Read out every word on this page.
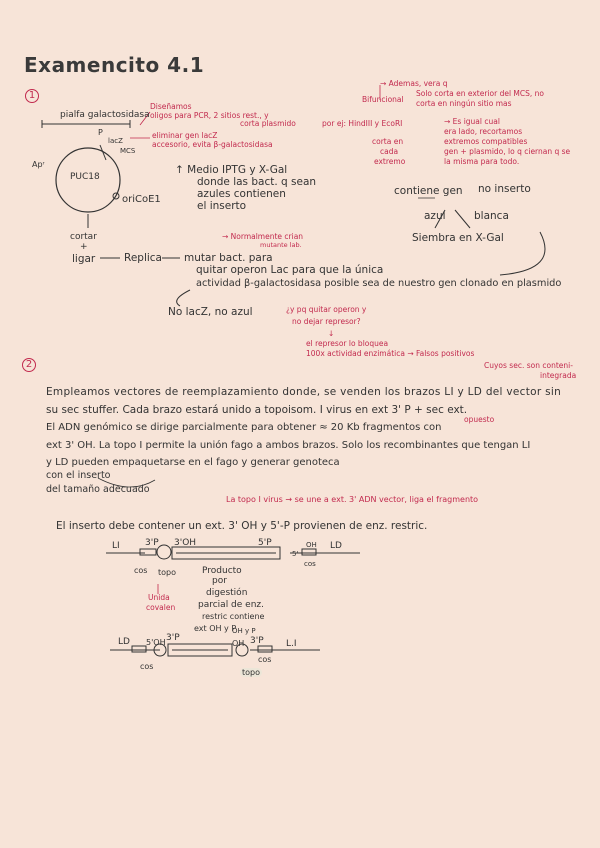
Examencito 4.1
1
pialfa galactosidasa
P
lacZ
MCS
PUC18
oriCoE1
Apʳ
Diseñamos
oligos para PCR, 2 sitios rest., y
corta plasmido
eliminar gen lacZ
accesorio, evita β-galactosidasa
↑ Medio IPTG y X-Gal
donde las bact. q sean
azules contienen
el inserto
cortar
+
ligar	Replica mutar bact. para
quitar operon Lac para que la única
actividad β-galactosidasa posible sea de nuestro gen clonado en plasmido
→ Normalmente crian
mutante lab.
No lacZ, no azul	¿y pq quitar operon y
no dejar represor?
↓
el represor lo bloquea
100x actividad enzimática → Falsos positivos
→ Ademas, vera q
Bifuncional
Solo corta en exterior del MCS, no
corta en ningún sitio mas
por ej: HindIII y EcoRI	→ Es igual cual
era lado, recortamos
extremos compatibles
gen + plasmido, lo q ciernan q se
la misma para todo.
corta en
cada
extremo
contiene gen no inserto
azul	blanca
Siembra en X-Gal
2	Cuyos sec. son conteni-
integrada
Empleamos vectores de reemplazamiento donde, se venden los brazos LI y LD del vector sin
su sec stuffer. Cada brazo estará unido a topoisom. I virus en ext 3' P + sec ext.
El ADN genómico se dirige parcialmente para obtener ≈ 20 Kb fragmentos con
opuesto
ext 3' OH. La topo I permite la unión fago a ambos brazos. Solo los recombinantes que tengan LI
y LD pueden empaquetarse en el fago y generar genoteca
con el inserto
del tamaño adecuado
La topo I virus → se une a ext. 3' ADN vector, liga el fragmento
El inserto debe contener un ext. 3' OH y 5'-P provienen de enz. restric.
LI	3'P 3'OH	5'P	OH
5'
LD
cos topo
cos
Producto
por
digestión
parcial de enz.
Unida
covalen
restric contiene
ext OH y P
OH y P
LD 5'OH 3'P
OH 3'P L.I
cos
cos
topo
